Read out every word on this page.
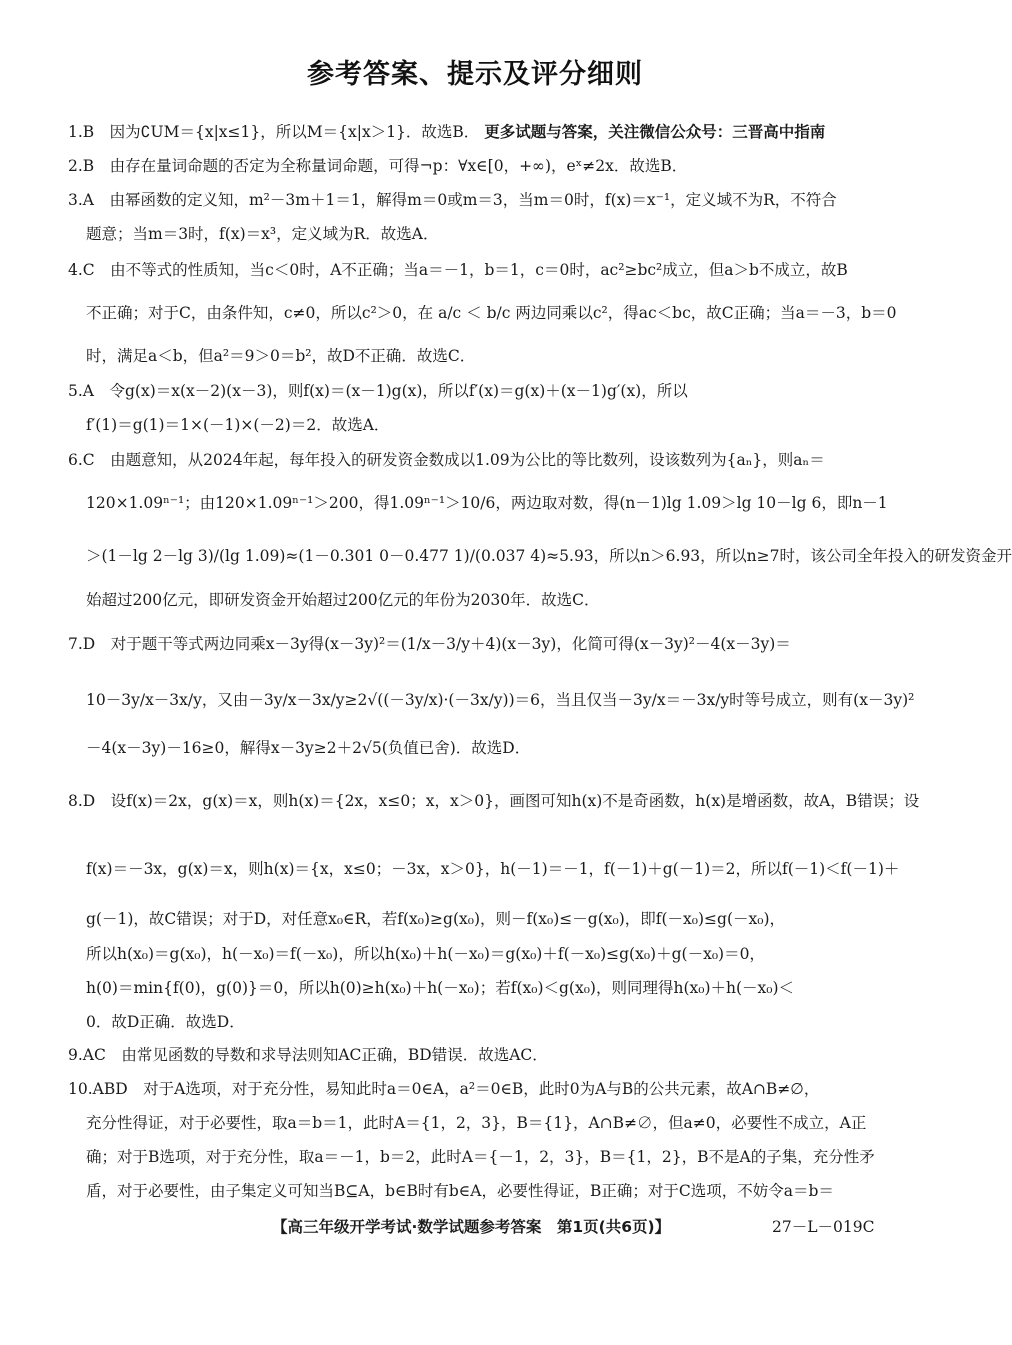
参考答案、提示及评分细则
1.B　因为∁UM＝{x|x≤1}，所以M＝{x|x＞1}．故选B． 更多试题与答案，关注微信公众号：三晋高中指南
2.B　由存在量词命题的否定为全称量词命题，可得¬p：∀x∈[0，+∞)，eˣ≠2x．故选B．
3.A　由幂函数的定义知，m²－3m＋1＝1，解得m＝0或m＝3，当m＝0时，f(x)＝x⁻¹，定义域不为R，不符合
题意；当m＝3时，f(x)＝x³，定义域为R．故选A．
4.C　由不等式的性质知，当c＜0时，A不正确；当a＝－1，b＝1，c＝0时，ac²≥bc²成立，但a＞b不成立，故B
不正确；对于C，由条件知，c≠0，所以c²＞0，在 a/c ＜ b/c 两边同乘以c²，得ac＜bc，故C正确；当a＝－3，b＝0
时，满足a＜b，但a²＝9＞0＝b²，故D不正确．故选C．
5.A　令g(x)＝x(x－2)(x－3)，则f(x)＝(x－1)g(x)，所以f′(x)＝g(x)＋(x－1)g′(x)，所以
f′(1)＝g(1)＝1×(－1)×(－2)＝2．故选A．
6.C　由题意知，从2024年起，每年投入的研发资金数成以1.09为公比的等比数列，设该数列为{aₙ}，则aₙ＝
120×1.09ⁿ⁻¹；由120×1.09ⁿ⁻¹＞200，得1.09ⁿ⁻¹＞10/6，两边取对数，得(n－1)lg 1.09＞lg 10－lg 6，即n－1
＞(1－lg 2－lg 3)/(lg 1.09)≈(1－0.301 0－0.477 1)/(0.037 4)≈5.93，所以n＞6.93，所以n≥7时，该公司全年投入的研发资金开
始超过200亿元，即研发资金开始超过200亿元的年份为2030年．故选C．
7.D　对于题干等式两边同乘x－3y得(x－3y)²＝(1/x－3/y＋4)(x－3y)，化简可得(x－3y)²－4(x－3y)＝
10－3y/x－3x/y，又由－3y/x－3x/y≥2√((－3y/x)·(－3x/y))＝6，当且仅当－3y/x＝－3x/y时等号成立，则有(x－3y)²
－4(x－3y)－16≥0，解得x－3y≥2＋2√5(负值已舍)．故选D．
8.D　设f(x)＝2x，g(x)＝x，则h(x)＝{2x，x≤0；x，x＞0}，画图可知h(x)不是奇函数，h(x)是增函数，故A，B错误；设
f(x)＝－3x，g(x)＝x，则h(x)＝{x，x≤0；－3x，x＞0}，h(－1)＝－1，f(－1)＋g(－1)＝2，所以f(－1)＜f(－1)＋
g(－1)，故C错误；对于D，对任意x₀∈R，若f(x₀)≥g(x₀)，则－f(x₀)≤－g(x₀)，即f(－x₀)≤g(－x₀)，
所以h(x₀)＝g(x₀)，h(－x₀)＝f(－x₀)，所以h(x₀)＋h(－x₀)＝g(x₀)＋f(－x₀)≤g(x₀)＋g(－x₀)＝0，
h(0)＝min{f(0)，g(0)}＝0，所以h(0)≥h(x₀)＋h(－x₀)；若f(x₀)＜g(x₀)，则同理得h(x₀)＋h(－x₀)＜
0．故D正确．故选D．
9.AC　由常见函数的导数和求导法则知AC正确，BD错误．故选AC．
10.ABD　对于A选项，对于充分性，易知此时a＝0∈A，a²＝0∈B，此时0为A与B的公共元素，故A∩B≠∅，
充分性得证，对于必要性，取a＝b＝1，此时A＝{1，2，3}，B＝{1}，A∩B≠∅，但a≠0，必要性不成立，A正
确；对于B选项，对于充分性，取a＝－1，b＝2，此时A＝{－1，2，3}，B＝{1，2}，B不是A的子集，充分性矛
盾，对于必要性，由子集定义可知当B⊆A，b∈B时有b∈A，必要性得证，B正确；对于C选项，不妨令a＝b＝
【高三年级开学考试·数学试题参考答案　第1页(共6页)】	27－L－019C
